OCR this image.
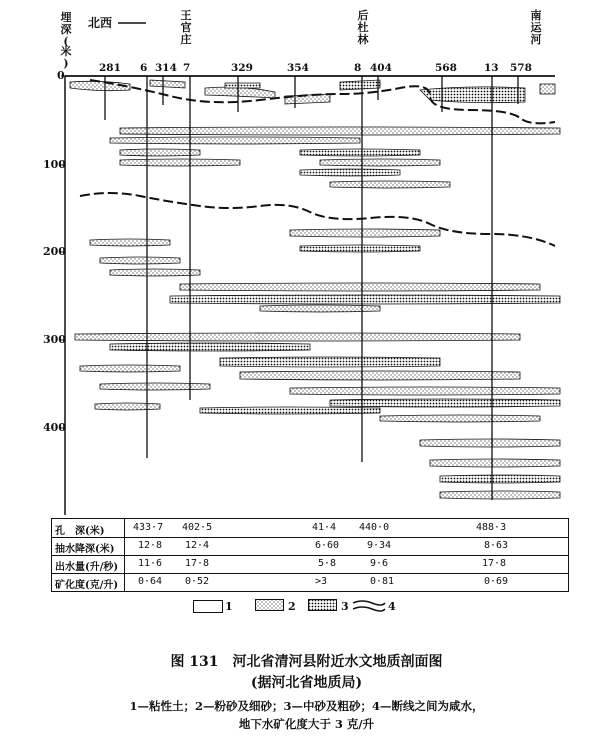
埋
深
(
米
)
0
100
200
300
400
北西
王
官
庄
后
杜
林
南
运
河
281 6 314 7	329	354	8 404	568	13 578
孔　深(米)	433·7 402·5	41·4 440·0	488·3
抽水降深(米) 12·8 12·4	6·60	9·34	8·63
出水量(升/秒) 11·6 17·8	5·8	9·6	17·8
矿化度(克/升) 0·64 0·52	>3	0·81	0·69
1	2	3	4
图 131　河北省清河县附近水文地质剖面图
(据河北省地质局)
1—粘性土；2—粉砂及细砂；3—中砂及粗砂；4—断线之间为咸水，
地下水矿化度大于 3 克/升
